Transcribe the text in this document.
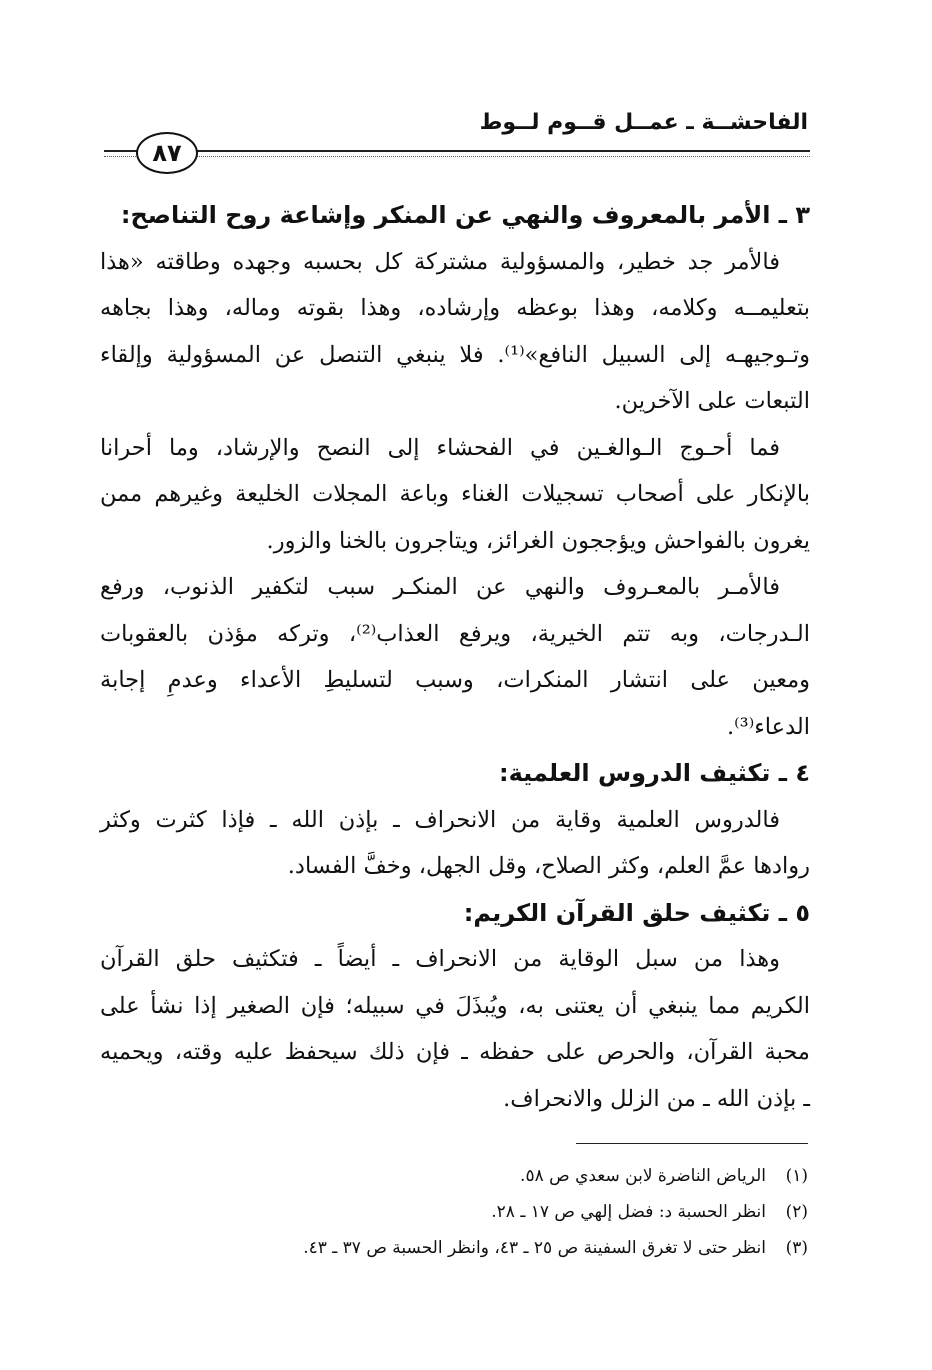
الفاحشــة ـ عمــل قــوم لــوط
٨٧
٣ ـ الأمر بالمعروف والنهي عن المنكر وإشاعة روح التناصح:
فالأمر جد خطير، والمسؤولية مشتركة كل بحسبه وجهده وطاقته «هذا
بتعليمــه وكلامه، وهذا بوعظه وإرشاده، وهذا بقوته وماله، وهذا بجاهه
وتـوجيهـه إلى السبيل النافع»⁽¹⁾. فلا ينبغي التنصل عن المسؤولية وإلقاء
التبعات على الآخرين.
فما أحـوج الـوالغـين في الفحشاء إلى النصح والإرشاد، وما أحرانا
بالإنكار على أصحاب تسجيلات الغناء وباعة المجلات الخليعة وغيرهم ممن
يغرون بالفواحش ويؤججون الغرائز، ويتاجرون بالخنا والزور.
فالأمـر بالمعـروف والنهي عن المنكـر سبب لتكفير الذنوب، ورفع
الـدرجات، وبه تتم الخيرية، ويرفع العذاب⁽²⁾، وتركه مؤذن بالعقوبات
ومعين على انتشار المنكرات، وسبب لتسليطِ الأعداء وعدمِ إجابة
الدعاء⁽³⁾.
٤ ـ تكثيف الدروس العلمية:
فالدروس العلمية وقاية من الانحراف ـ بإذن الله ـ فإذا كثرت وكثر
روادها عمَّ العلم، وكثر الصلاح، وقل الجهل، وخفَّ الفساد.
٥ ـ تكثيف حلق القرآن الكريم:
وهذا من سبل الوقاية من الانحراف ـ أيضاً ـ فتكثيف حلق القرآن
الكريم مما ينبغي أن يعتنى به، ويُبذَلَ في سبيله؛ فإن الصغير إذا نشأ على
محبة القرآن، والحرص على حفظه ـ فإن ذلك سيحفظ عليه وقته، ويحميه
ـ بإذن الله ـ من الزلل والانحراف.
(١)الرياض الناضرة لابن سعدي ص ٥٨.
(٢)انظر الحسبة د: فضل إلهي ص ١٧ ـ ٢٨.
(٣)انظر حتى لا تغرق السفينة ص ٢٥ ـ ٤٣، وانظر الحسبة ص ٣٧ ـ ٤٣.
